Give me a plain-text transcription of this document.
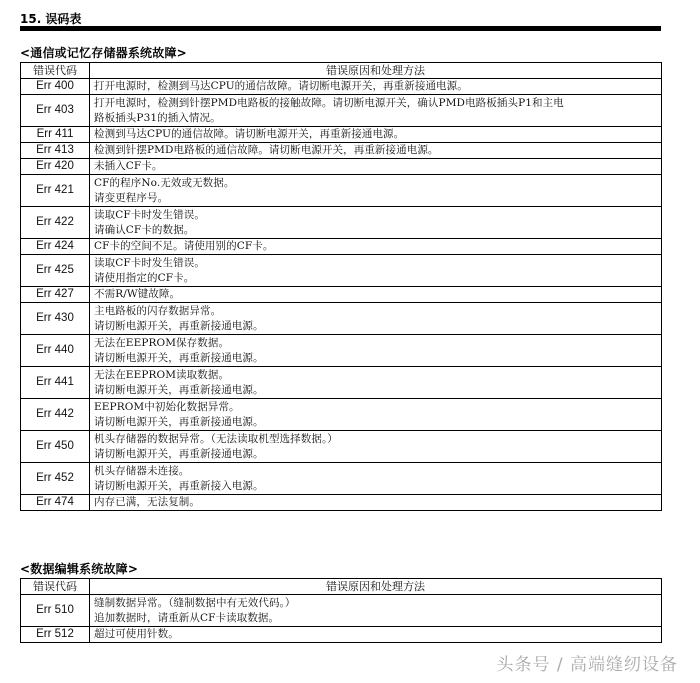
15. 误码表
<通信或记忆存储器系统故障>
错误代码	错误原因和处理方法
Err 400	打开电源时，检测到马达CPU的通信故障。请切断电源开关，再重新接通电源。
Err 403	打开电源时，检测到针摆PMD电路板的接触故障。请切断电源开关，确认PMD电路板插头P1和主电
路板插头P31的插入情况。
Err 411	检测到马达CPU的通信故障。请切断电源开关，再重新接通电源。
Err 413	检测到针摆PMD电路板的通信故障。请切断电源开关，再重新接通电源。
Err 420	未插入CF卡。
Err 421	CF的程序No.无效或无数据。
请变更程序号。
Err 422	读取CF卡时发生错误。
请确认CF卡的数据。
Err 424	CF卡的空间不足。请使用别的CF卡。
Err 425	读取CF卡时发生错误。
请使用指定的CF卡。
Err 427	不需R/W键故障。
Err 430	主电路板的闪存数据异常。
请切断电源开关，再重新接通电源。
Err 440	无法在EEPROM保存数据。
请切断电源开关，再重新接通电源。
Err 441	无法在EEPROM读取数据。
请切断电源开关，再重新接通电源。
Err 442	EEPROM中初始化数据异常。
请切断电源开关，再重新接通电源。
Err 450	机头存储器的数据异常。（无法读取机型选择数据。）
请切断电源开关，再重新接通电源。
Err 452	机头存储器未连接。
请切断电源开关，再重新接入电源。
Err 474	内存已满，无法复制。
<数据编辑系统故障>
错误代码	错误原因和处理方法
Err 510	缝制数据异常。（缝制数据中有无效代码。）
追加数据时，请重新从CF卡读取数据。
Err 512	超过可使用针数。
头条号 / 高端缝纫设备
